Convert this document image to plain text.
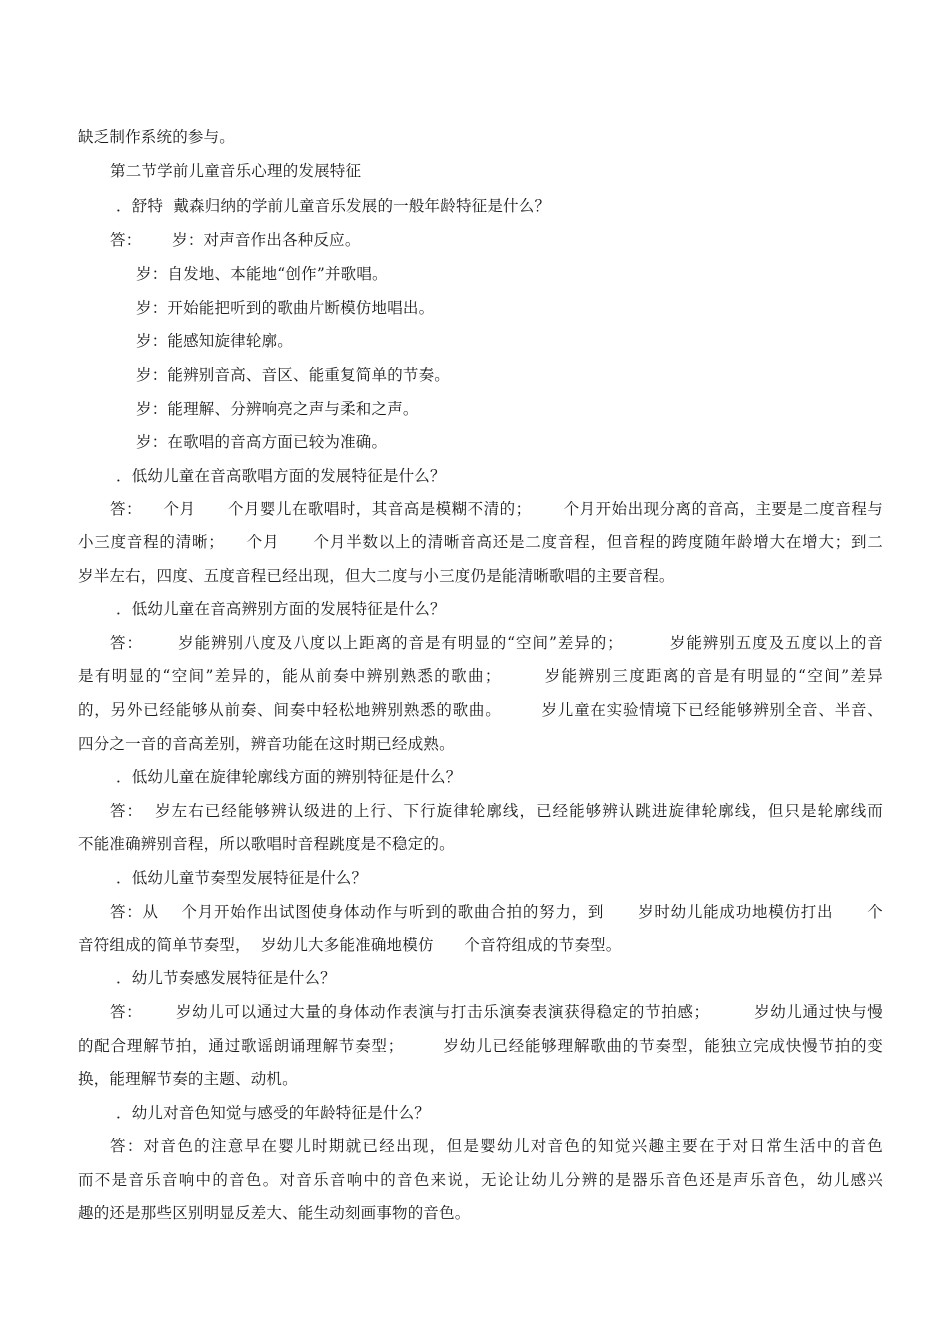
缺乏制作系统的参与。
第二节学前儿童音乐心理的发展特征
．舒特  戴森归纳的学前儿童音乐发展的一般年龄特征是什么？
答：      岁：对声音作出各种反应。
岁：自发地、本能地“创作”并歌唱。
岁：开始能把听到的歌曲片断模仿地唱出。
岁：能感知旋律轮廓。
岁：能辨别音高、音区、能重复简单的节奏。
岁：能理解、分辨响亮之声与柔和之声。
岁：在歌唱的音高方面已较为准确。
．低幼儿童在音高歌唱方面的发展特征是什么？
答：    个月      个月婴儿在歌唱时，其音高是模糊不清的；      个月开始出现分离的音高，主要是二度音程与
小三度音程的清晰；    个月      个月半数以上的清晰音高还是二度音程，但音程的跨度随年龄增大在增大；到二
岁半左右，四度、五度音程已经出现，但大二度与小三度仍是能清晰歌唱的主要音程。
．低幼儿童在音高辨别方面的发展特征是什么？
答：      岁能辨别八度及八度以上距离的音是有明显的“空间”差异的；        岁能辨别五度及五度以上的音
是有明显的“空间”差异的，能从前奏中辨别熟悉的歌曲；       岁能辨别三度距离的音是有明显的“空间”差异
的，另外已经能够从前奏、间奏中轻松地辨别熟悉的歌曲。       岁儿童在实验情境下已经能够辨别全音、半音、
四分之一音的音高差别，辨音功能在这时期已经成熟。
．低幼儿童在旋律轮廓线方面的辨别特征是什么？
答：  岁左右已经能够辨认级进的上行、下行旋律轮廓线，已经能够辨认跳进旋律轮廓线，但只是轮廓线而
不能准确辨别音程，所以歌唱时音程跳度是不稳定的。
．低幼儿童节奏型发展特征是什么？
答：从    个月开始作出试图使身体动作与听到的歌曲合拍的努力，到      岁时幼儿能成功地模仿打出      个
音符组成的简单节奏型，  岁幼儿大多能准确地模仿      个音符组成的节奏型。
．幼儿节奏感发展特征是什么？
答：      岁幼儿可以通过大量的身体动作表演与打击乐演奏表演获得稳定的节拍感；        岁幼儿通过快与慢
的配合理解节拍，通过歌谣朗诵理解节奏型；       岁幼儿已经能够理解歌曲的节奏型，能独立完成快慢节拍的变
换，能理解节奏的主题、动机。
．幼儿对音色知觉与感受的年龄特征是什么？
答：对音色的注意早在婴儿时期就已经出现，但是婴幼儿对音色的知觉兴趣主要在于对日常生活中的音色
而不是音乐音响中的音色。对音乐音响中的音色来说，无论让幼儿分辨的是器乐音色还是声乐音色，幼儿感兴
趣的还是那些区别明显反差大、能生动刻画事物的音色。
